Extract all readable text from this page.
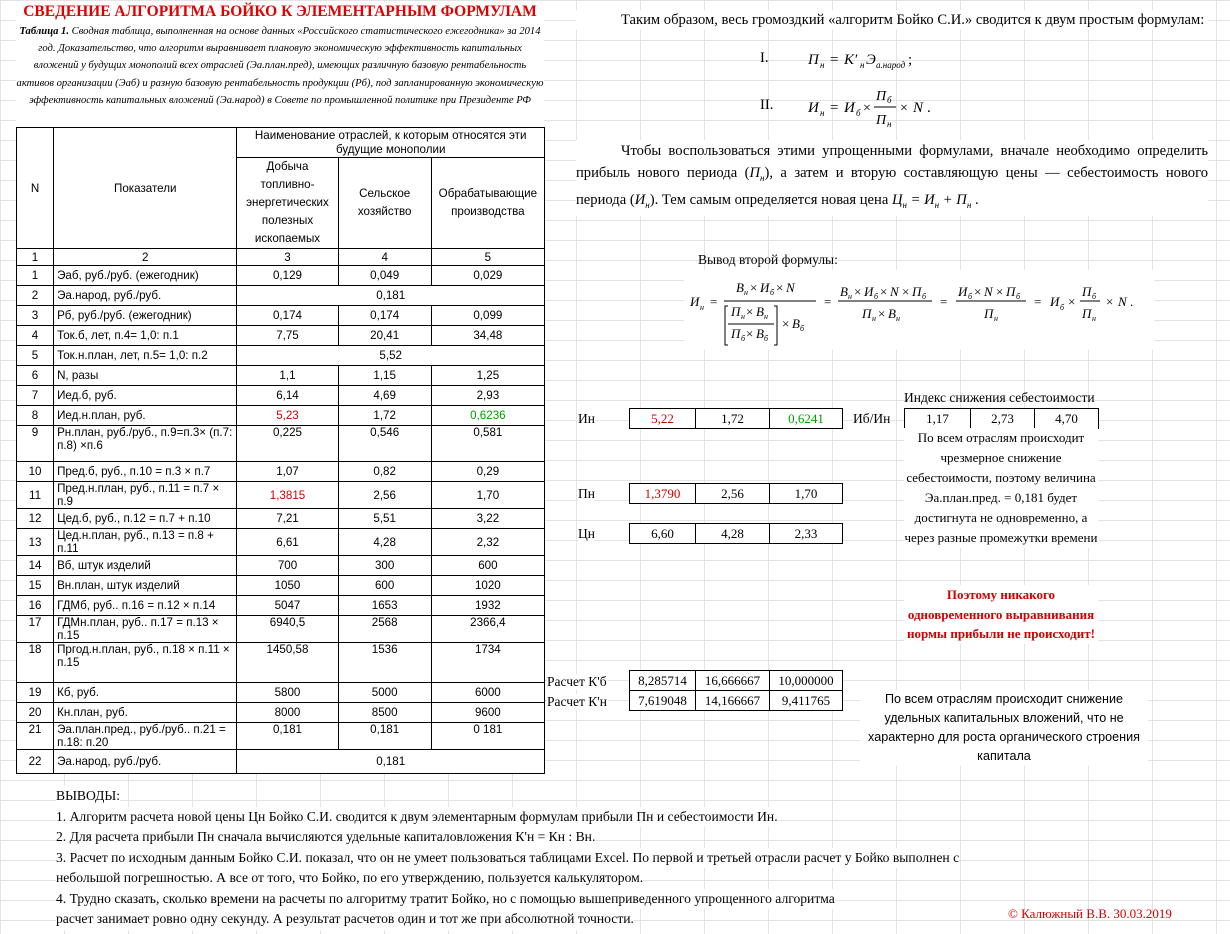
СВЕДЕНИЕ АЛГОРИТМА БОЙКО К ЭЛЕМЕНТАРНЫМ ФОРМУЛАМ
Таблица 1. Сводная таблица, выполненная на основе данных «Российского статистического ежегодника» за 2014 год. Доказательство, что алгоритм выравнивает плановую экономическую эффективность капитальных вложений у будущих монополий всех отраслей (Эа.план.пред), имеющих различную базовую рентабельность активов организации (Эаб) и разную базовую рентабельность продукции (Рб), под запланированную экономическую эффективность капитальных вложений (Эа.народ) в Совете по промышленной политике при Президенте РФ
N	Показатели	Наименование отраслей, к которым относятся эти будущие монополии		
		Добыча топливно-энергетических полезных ископаемых	Сельское хозяйство	Обрабатывающие производства
1	2	3	4	5
1	Эаб, руб./руб. (ежегодник)	0,129	0,049	0,029
2	Эа.народ, руб./руб.	0,181		
3	Рб, руб./руб. (ежегодник)	0,174	0,174	0,099
4	Ток.б, лет, п.4= 1,0: п.1	7,75	20,41	34,48
5	Ток.н.план, лет, п.5= 1,0: п.2	5,52		
6	N, разы	1,1	1,15	1,25
7	Иед.б, руб.	6,14	4,69	2,93
8	Иед.н.план, руб.	5,23	1,72	0,6236
9	Рн.план, руб./руб., п.9=п.3× (п.7: п.8) ×п.6	0,225	0,546	0,581
10	Пред.б, руб., п.10 = п.3 × п.7	1,07	0,82	0,29
11	Пред.н.план, руб., п.11 = п.7 × п.9	1,3815	2,56	1,70
12	Цед.б, руб., п.12 = п.7 + п.10	7,21	5,51	3,22
13	Цед.н.план, руб., п.13 = п.8 + п.11	6,61	4,28	2,32
14	Вб, штук изделий	700	300	600
15	Вн.план, штук изделий	1050	600	1020
16	ГДМб, руб.. п.16 = п.12 × п.14	5047	1653	1932
17	ГДМн.план, руб.. п.17 = п.13 × п.15	6940,5	2568	2366,4
18	Пргод.н.план, руб., п.18 × п.11 × п.15	1450,58	1536	1734
19	Кб, руб.	5800	5000	6000
20	Кн.план, руб.	8000	8500	9600
21	Эа.план.пред., руб./руб.. п.21 = п.18: п.20	0,181	0,181	0 181
22	Эа.народ, руб./руб.	0,181		
Таким образом, весь громоздкий «алгоритм Бойко С.И.» сводится к двум простым формулам:
I.	П н = К′ н Э а.народ ;
II. И н = И б ×
П б
П н
× N .
Чтобы воспользоваться этими упрощенными формулами, вначале необходимо определить прибыль нового периода $(П_н)$, а затем и вторую составляющую цены — себестоимость нового периода $(И_н)$. Тем самым определяется новая цена $Ц_н = И_н + П_н$ .
Вывод второй формулы:
И н =
В н × И б × N
П н × В н
П б × В б
× В б
=
В н × И б × N × П б
П н × В н
=
И б × N × П б
П н
= И б ×
П б
П н
× N .
Ин	5,22	1,72	0,6241
Пн	1,3790	2,56	1,70
Цн	6,60	4,28	2,33
Индекс снижения себестоимости
Иб/Ин	1,17	2,73	4,70
По всем отраслям происходит чрезмерное снижение себестоимости, поэтому величина Эа.план.пред. = 0,181 будет достигнута не одновременно, а через разные промежутки времени
Поэтому никакого одновременного выравнивания нормы прибыли не происходит!
Расчет К'б 8,285714	16,666667	10,000000
Расчет К'н 7,619048	14,166667	9,411765	По всем отраслям происходит снижение удельных капитальных вложений, что не характерно для роста органического строения капитала
ВЫВОДЫ:
1. Алгоритм расчета новой цены Цн Бойко С.И. сводится к двум элементарным формулам прибыли Пн и себестоимости Ин.
2. Для расчета прибыли Пн сначала вычисляются удельные капиталовложения К'н = Кн : Вн.
3. Расчет по исходным данным Бойко С.И. показал, что он не умеет пользоваться таблицами Excel. По первой и третьей отрасли расчет у Бойко выполнен с
небольшой погрешностью. А все от того, что Бойко, по его утверждению, пользуется калькулятором.
4. Трудно сказать, сколько времени на расчеты по алгоритму тратит Бойко, но с помощью вышеприведенного упрощенного алгоритма
расчет занимает ровно одну секунду. А результат расчетов один и тот же при абсолютной точности.	© Калюжный В.В. 30.03.2019
